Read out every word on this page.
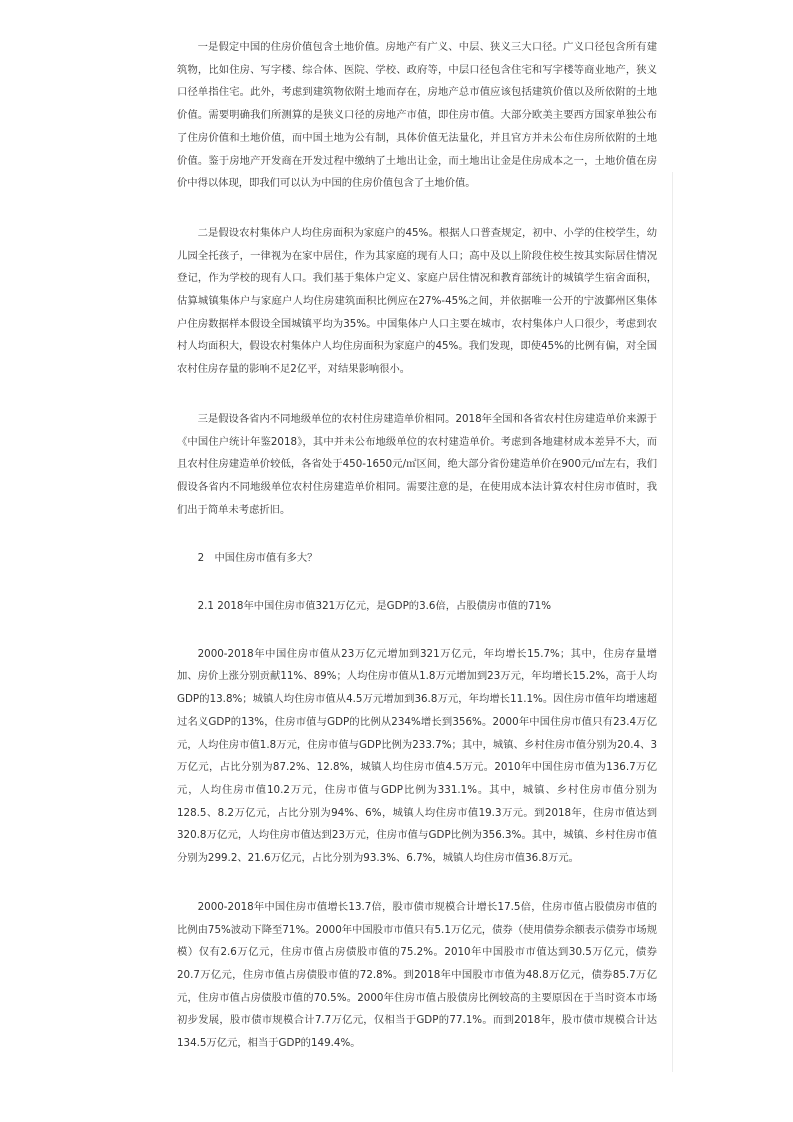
一是假定中国的住房价值包含土地价值。房地产有广义、中层、狭义三大口径。广义口径包含所有建筑物，比如住房、写字楼、综合体、医院、学校、政府等，中层口径包含住宅和写字楼等商业地产，狭义口径单指住宅。此外，考虑到建筑物依附土地而存在，房地产总市值应该包括建筑价值以及所依附的土地价值。需要明确我们所测算的是狭义口径的房地产市值，即住房市值。大部分欧美主要西方国家单独公布了住房价值和土地价值，而中国土地为公有制，具体价值无法量化，并且官方并未公布住房所依附的土地价值。鉴于房地产开发商在开发过程中缴纳了土地出让金，而土地出让金是住房成本之一，土地价值在房价中得以体现，即我们可以认为中国的住房价值包含了土地价值。

二是假设农村集体户人均住房面积为家庭户的45%。根据人口普查规定，初中、小学的住校学生，幼儿园全托孩子，一律视为在家中居住，作为其家庭的现有人口；高中及以上阶段住校生按其实际居住情况登记，作为学校的现有人口。我们基于集体户定义、家庭户居住情况和教育部统计的城镇学生宿舍面积，估算城镇集体户与家庭户人均住房建筑面积比例应在27%-45%之间，并依据唯一公开的宁波鄞州区集体户住房数据样本假设全国城镇平均为35%。中国集体户人口主要在城市，农村集体户人口很少，考虑到农村人均面积大，假设农村集体户人均住房面积为家庭户的45%。我们发现，即使45%的比例有偏，对全国农村住房存量的影响不足2亿平，对结果影响很小。

三是假设各省内不同地级单位的农村住房建造单价相同。2018年全国和各省农村住房建造单价来源于《中国住户统计年鉴2018》，其中并未公布地级单位的农村建造单价。考虑到各地建材成本差异不大，而且农村住房建造单价较低，各省处于450-1650元/㎡区间，绝大部分省份建造单价在900元/㎡左右，我们假设各省内不同地级单位农村住房建造单价相同。需要注意的是，在使用成本法计算农村住房市值时，我们出于简单未考虑折旧。

2　中国住房市值有多大？

2.1 2018年中国住房市值321万亿元，是GDP的3.6倍，占股债房市值的71%

2000-2018年中国住房市值从23万亿元增加到321万亿元，年均增长15.7%；其中，住房存量增加、房价上涨分别贡献11%、89%；人均住房市值从1.8万元增加到23万元，年均增长15.2%，高于人均GDP的13.8%；城镇人均住房市值从4.5万元增加到36.8万元，年均增长11.1%。因住房市值年均增速超过名义GDP的13%，住房市值与GDP的比例从234%增长到356%。2000年中国住房市值只有23.4万亿元，人均住房市值1.8万元，住房市值与GDP比例为233.7%；其中，城镇、乡村住房市值分别为20.4、3万亿元，占比分别为87.2%、12.8%，城镇人均住房市值4.5万元。2010年中国住房市值为136.7万亿元，人均住房市值10.2万元，住房市值与GDP比例为331.1%。其中，城镇、乡村住房市值分别为128.5、8.2万亿元，占比分别为94%、6%，城镇人均住房市值19.3万元。到2018年，住房市值达到320.8万亿元，人均住房市值达到23万元，住房市值与GDP比例为356.3%。其中，城镇、乡村住房市值分别为299.2、21.6万亿元，占比分别为93.3%、6.7%，城镇人均住房市值36.8万元。

2000-2018年中国住房市值增长13.7倍，股市债市规模合计增长17.5倍，住房市值占股债房市值的比例由75%波动下降至71%。2000年中国股市市值只有5.1万亿元，债券（使用债券余额表示债券市场规模）仅有2.6万亿元，住房市值占房债股市值的75.2%。2010年中国股市市值达到30.5万亿元，债券20.7万亿元，住房市值占房债股市值的72.8%。到2018年中国股市市值为48.8万亿元，债券85.7万亿元，住房市值占房债股市值的70.5%。2000年住房市值占股债房比例较高的主要原因在于当时资本市场初步发展，股市债市规模合计7.7万亿元，仅相当于GDP的77.1%。而到2018年，股市债市规模合计达134.5万亿元，相当于GDP的149.4%。
